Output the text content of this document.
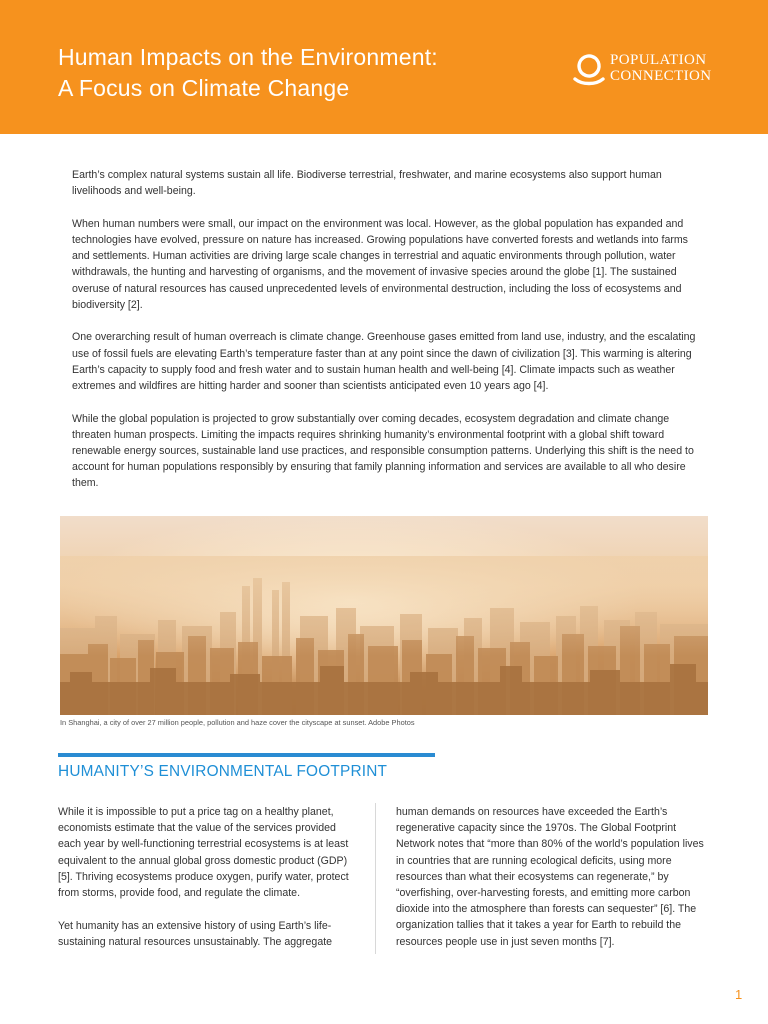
Human Impacts on the Environment:
A Focus on Climate Change
POPULATION
CONNECTION

Earth’s complex natural systems sustain all life. Biodiverse terrestrial, freshwater, and marine ecosystems also support human livelihoods and well-being.

When human numbers were small, our impact on the environment was local. However, as the global population has expanded and technologies have evolved, pressure on nature has increased. Growing populations have converted forests and wetlands into farms and settlements. Human activities are driving large scale changes in terrestrial and aquatic environments through pollution, water withdrawals, the hunting and harvesting of organisms, and the movement of invasive species around the globe [1]. The sustained overuse of natural resources has caused unprecedented levels of environmental destruction, including the loss of ecosystems and biodiversity [2].

One overarching result of human overreach is climate change. Greenhouse gases emitted from land use, industry, and the escalating use of fossil fuels are elevating Earth’s temperature faster than at any point since the dawn of civilization [3]. This warming is altering Earth’s capacity to supply food and fresh water and to sustain human health and well-being [4]. Climate impacts such as weather extremes and wildfires are hitting harder and sooner than scientists anticipated even 10 years ago [4].

While the global population is projected to grow substantially over coming decades, ecosystem degradation and climate change threaten human prospects. Limiting the impacts requires shrinking humanity’s environmental footprint with a global shift toward renewable energy sources, sustainable land use practices, and responsible consumption patterns. Underlying this shift is the need to account for human populations responsibly by ensuring that family planning information and services are available to all who desire them.

In Shanghai, a city of over 27 million people, pollution and haze cover the cityscape at sunset. Adobe Photos
HUMANITY’S ENVIRONMENTAL FOOTPRINT

While it is impossible to put a price tag on a healthy planet, economists estimate that the value of the services provided each year by well-functioning terrestrial ecosystems is at least equivalent to the annual global gross domestic product (GDP) [5]. Thriving ecosystems produce oxygen, purify water, protect from storms, provide food, and regulate the climate.

Yet humanity has an extensive history of using Earth’s life-sustaining natural resources unsustainably. The aggregate

human demands on resources have exceeded the Earth’s regenerative capacity since the 1970s. The Global Footprint Network notes that “more than 80% of the world’s population lives in countries that are running ecological deficits, using more resources than what their ecosystems can regenerate,” by “overfishing, over-harvesting forests, and emitting more carbon dioxide into the atmosphere than forests can sequester” [6]. The organization tallies that it takes a year for Earth to rebuild the resources people use in just seven months [7].

1
